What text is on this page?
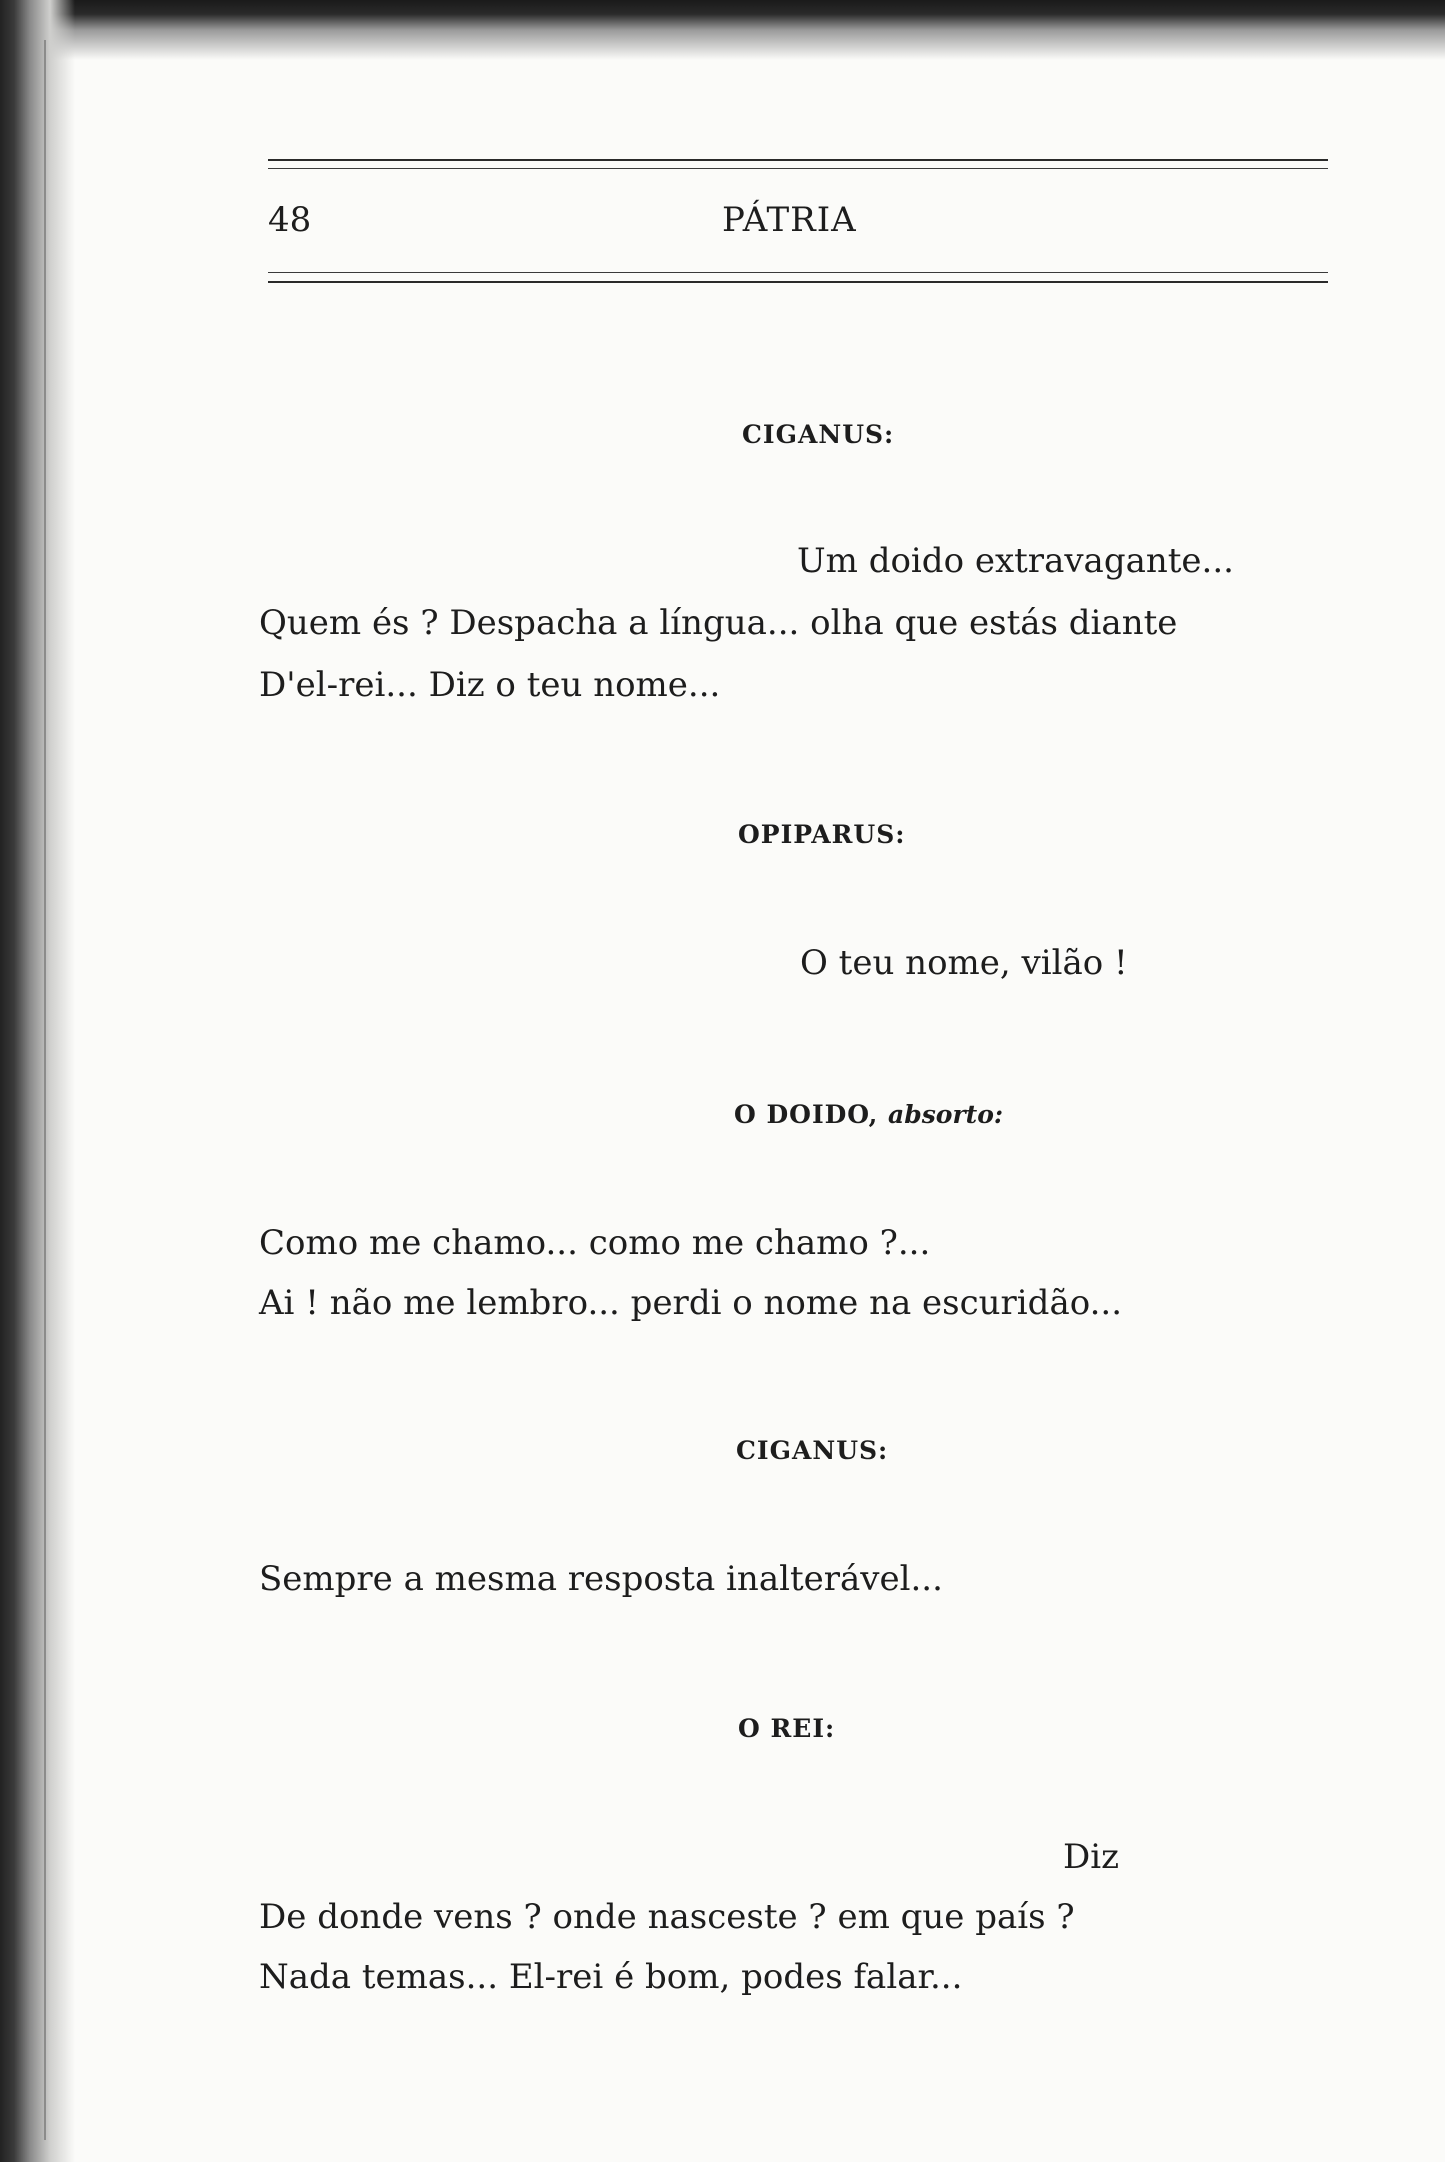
48	PÁTRIA
CIGANUS:
Um doido extravagante...
Quem és ? Despacha a língua... olha que estás diante
D'el-rei... Diz o teu nome...
OPIPARUS:
O teu nome, vilão !
O DOIDO, absorto:
Como me chamo... como me chamo ?...
Ai ! não me lembro... perdi o nome na escuridão...
CIGANUS:
Sempre a mesma resposta inalterável...
O REI:
Diz
De donde vens ? onde nasceste ? em que país ?
Nada temas... El-rei é bom, podes falar...
